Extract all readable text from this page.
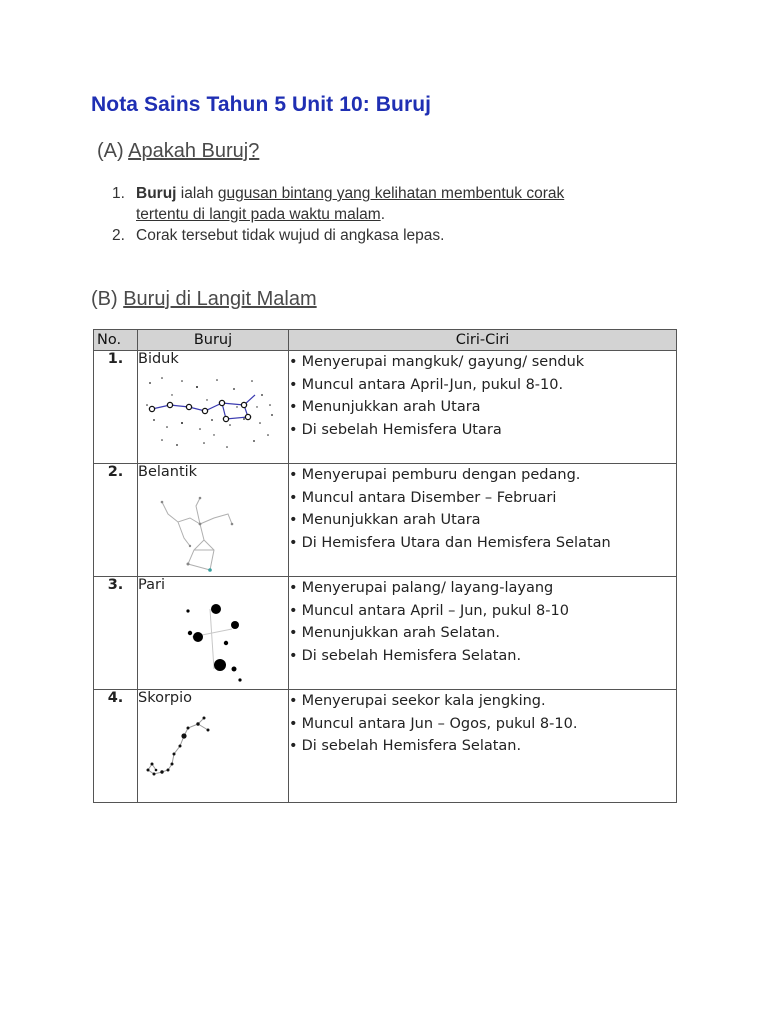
Nota Sains Tahun 5 Unit 10: Buruj
(A) Apakah Buruj?
1. Buruj ialah gugusan bintang yang kelihatan membentuk corak
tertentu di langit pada waktu malam.
2. Corak tersebut tidak wujud di angkasa lepas.
(B) Buruj di Langit Malam
No.	Buruj	Ciri-Ciri
1.	Biduk	• Menyerupai mangkuk/ gayung/ senduk
• Muncul antara April-Jun, pukul 8-10.
• Menunjukkan arah Utara
• Di sebelah Hemisfera Utara

2.	Belantik	• Menyerupai pemburu dengan pedang.
• Muncul antara Disember – Februari
• Menunjukkan arah Utara
• Di Hemisfera Utara dan Hemisfera Selatan

3.	Pari	• Menyerupai palang/ layang-layang
• Muncul antara April – Jun, pukul 8-10
• Menunjukkan arah Selatan.
• Di sebelah Hemisfera Selatan.

4.	Skorpio	• Menyerupai seekor kala jengking.
• Muncul antara Jun – Ogos, pukul 8-10.
• Di sebelah Hemisfera Selatan.
